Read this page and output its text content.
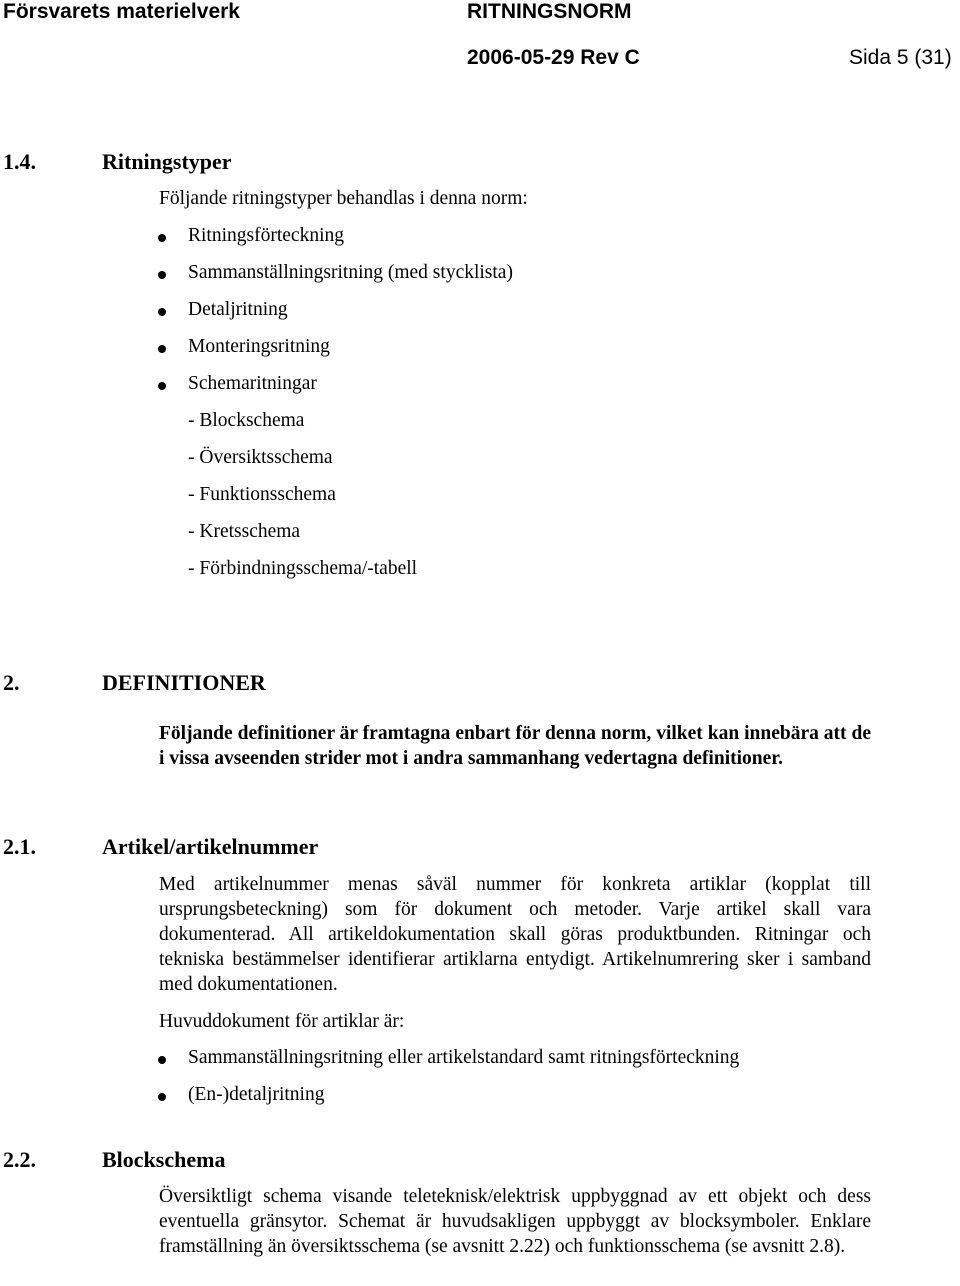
Försvarets materielverk	RITNINGSNORM
2006-05-29 Rev C	Sida 5 (31)
1.4.	Ritningstyper
Följande ritningstyper behandlas i denna norm:
Ritningsförteckning
Sammanställningsritning (med stycklista)
Detaljritning
Monteringsritning
Schemaritningar
- Blockschema
- Översiktsschema
- Funktionsschema
- Kretsschema
- Förbindningsschema/-tabell
2.	DEFINITIONER
Följande definitioner är framtagna enbart för denna norm, vilket kan innebära att de i vissa avseenden strider mot i andra sammanhang vedertagna definitioner.
2.1.	Artikel/artikelnummer
Med artikelnummer menas såväl nummer för konkreta artiklar (kopplat till ursprungsbeteckning) som för dokument och metoder. Varje artikel skall vara dokumenterad. All artikeldokumentation skall göras produktbunden. Ritningar och tekniska bestämmelser identifierar artiklarna entydigt. Artikelnumrering sker i samband med dokumentationen.
Huvuddokument för artiklar är:
Sammanställningsritning eller artikelstandard samt ritningsförteckning
(En-)detaljritning
2.2.	Blockschema
Översiktligt schema visande teleteknisk/elektrisk uppbyggnad av ett objekt och dess eventuella gränsytor. Schemat är huvudsakligen uppbyggt av blocksymboler. Enklare framställning än översiktsschema (se avsnitt 2.22) och funktionsschema (se avsnitt 2.8).
